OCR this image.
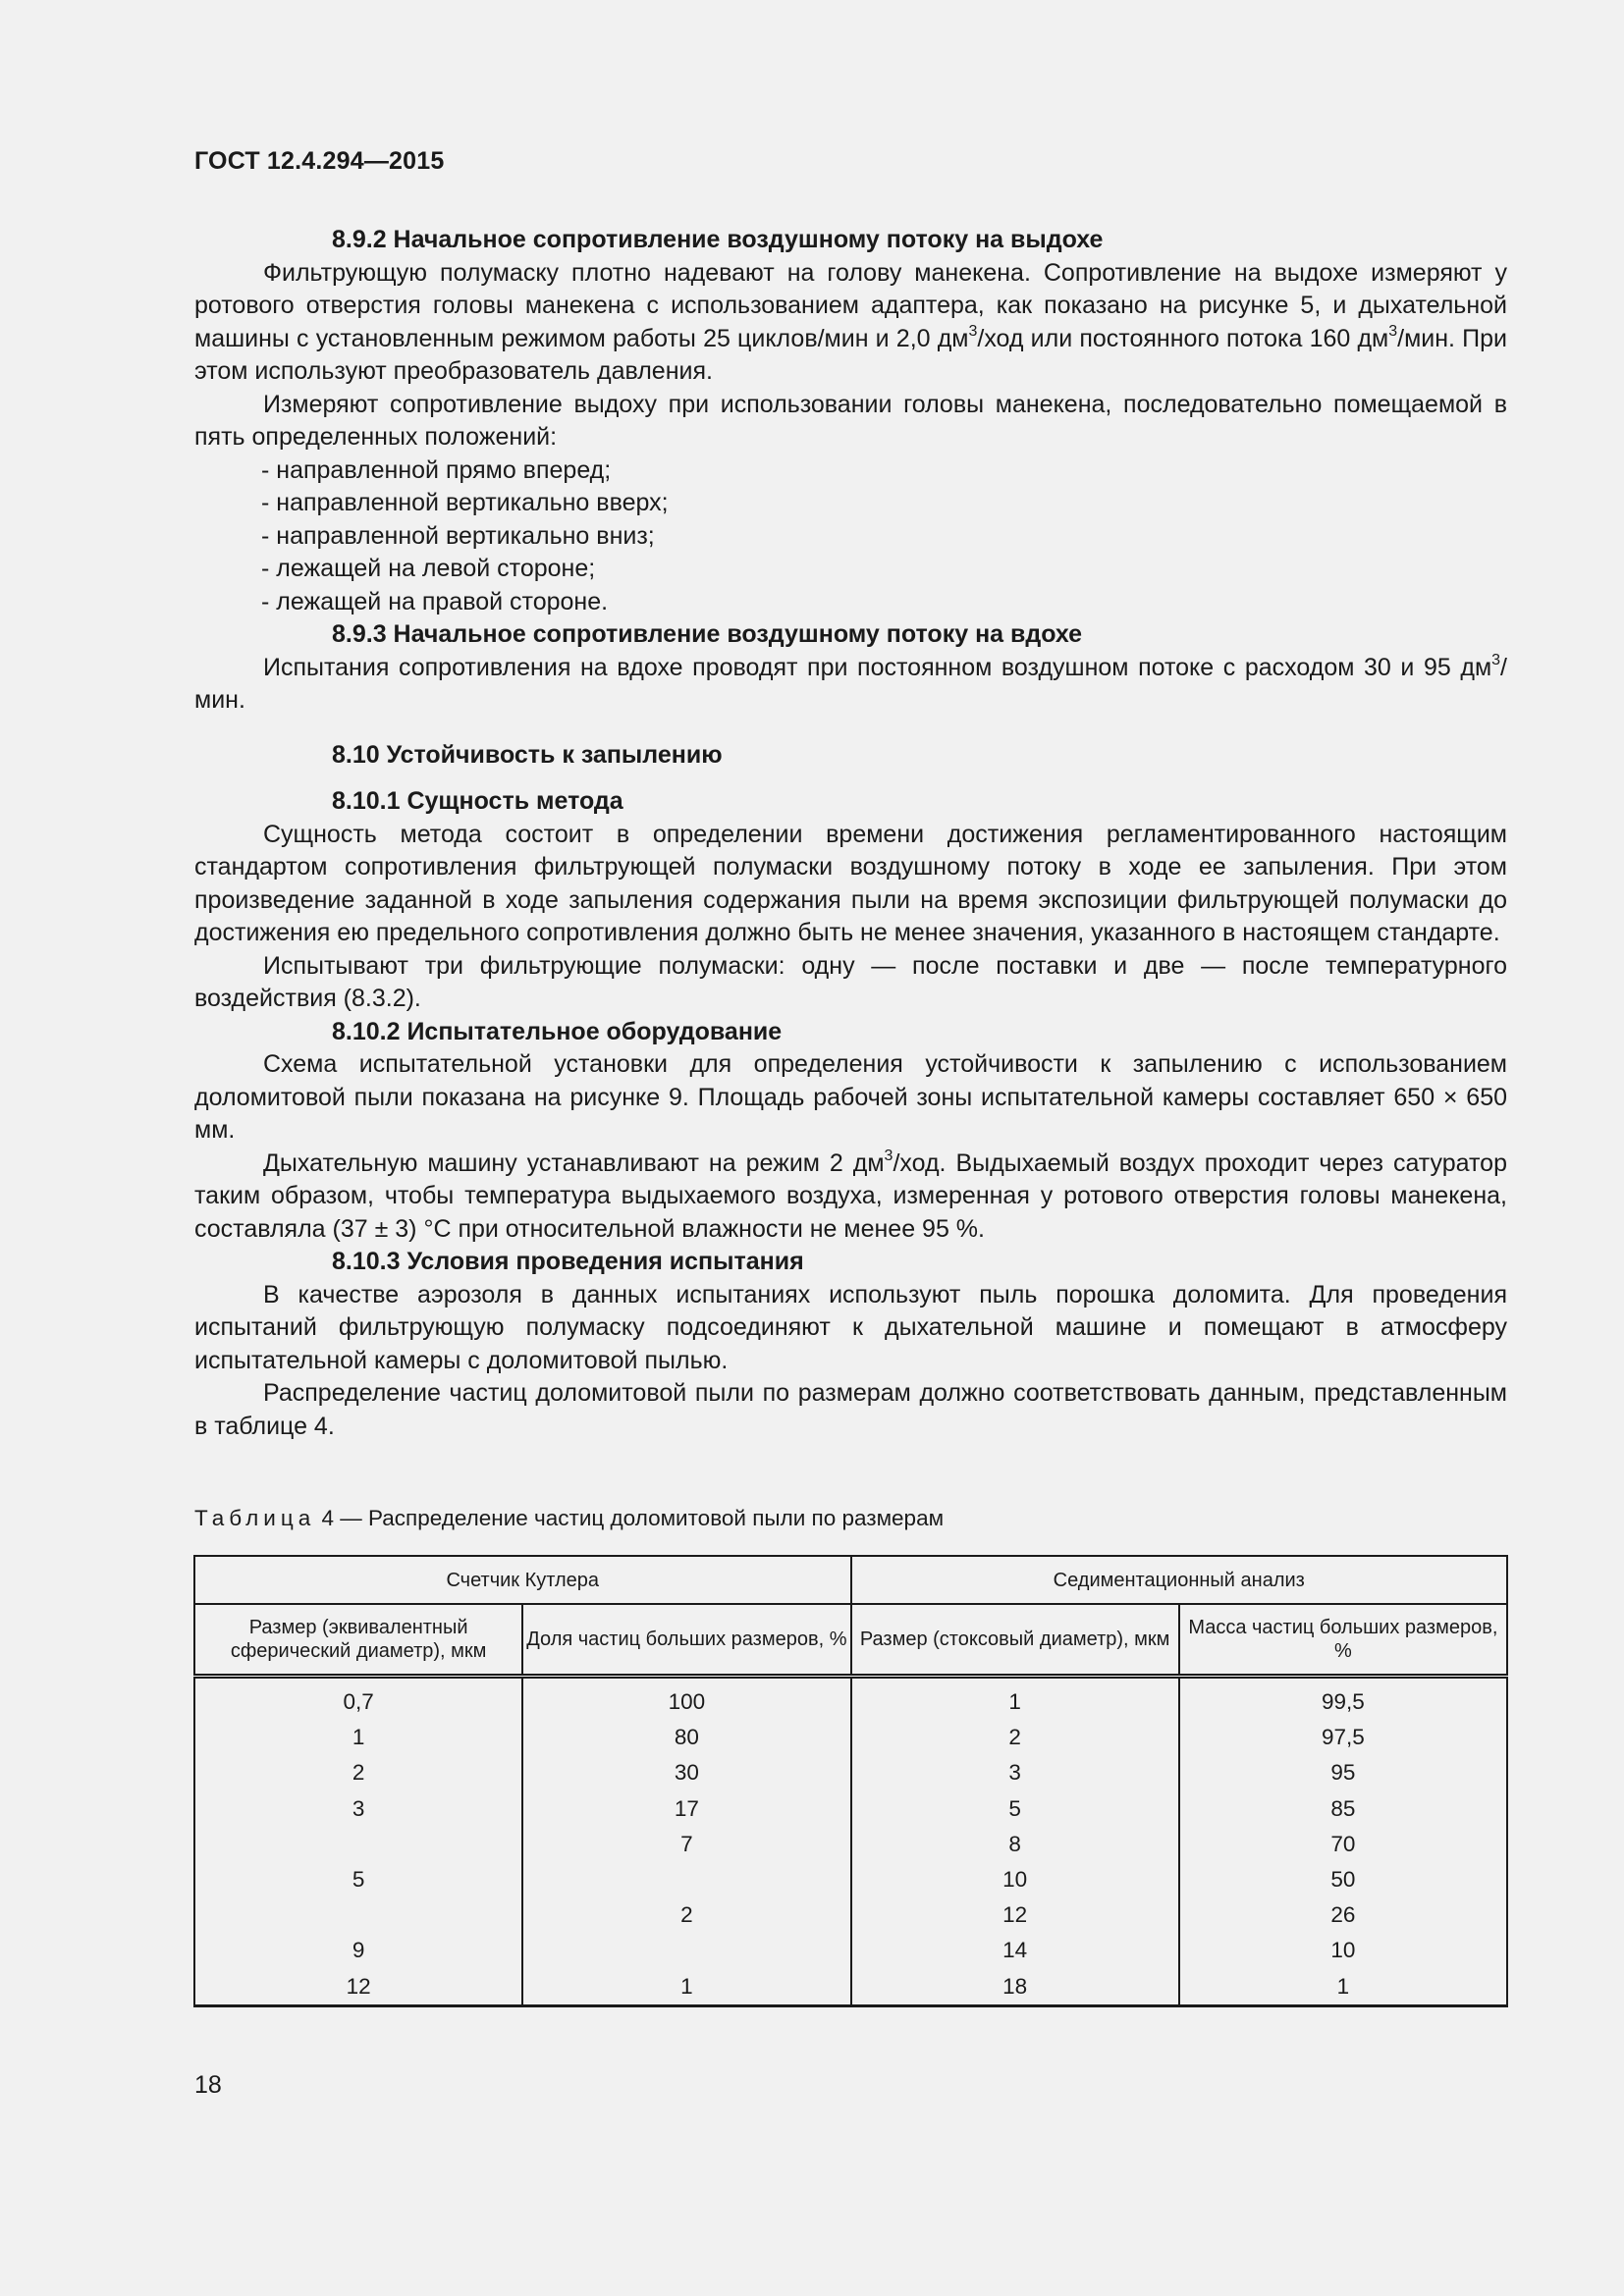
ГОСТ 12.4.294—2015

8.9.2 Начальное сопротивление воздушному потоку на выдохе

Фильтрующую полумаску плотно надевают на голову манекена. Сопротивление на выдохе измеряют у ротового отверстия головы манекена с использованием адаптера, как показано на рисунке 5, и дыхательной машины с установленным режимом работы 25 циклов/мин и 2,0 $дм^3$/ход или постоянного потока 160 $дм^3$/мин. При этом используют преобразователь давления.

Измеряют сопротивление выдоху при использовании головы манекена, последовательно помещаемой в пять определенных положений:

- направленной прямо вперед;
- направленной вертикально вверх;
- направленной вертикально вниз;
- лежащей на левой стороне;
- лежащей на правой стороне.

8.9.3 Начальное сопротивление воздушному потоку на вдохе

Испытания сопротивления на вдохе проводят при постоянном воздушном потоке с расходом 30 и 95 $дм^3$/мин.

8.10 Устойчивость к запылению

8.10.1 Сущность метода

Сущность метода состоит в определении времени достижения регламентированного настоящим стандартом сопротивления фильтрующей полумаски воздушному потоку в ходе ее запыления. При этом произведение заданной в ходе запыления содержания пыли на время экспозиции фильтрующей полумаски до достижения ею предельного сопротивления должно быть не менее значения, указанного в настоящем стандарте.

Испытывают три фильтрующие полумаски: одну — после поставки и две — после температурного воздействия (8.3.2).

8.10.2 Испытательное оборудование

Схема испытательной установки для определения устойчивости к запылению с использованием доломитовой пыли показана на рисунке 9. Площадь рабочей зоны испытательной камеры составляет 650 × 650 мм.

Дыхательную машину устанавливают на режим 2 $дм^3$/ход. Выдыхаемый воздух проходит через сатуратор таким образом, чтобы температура выдыхаемого воздуха, измеренная у ротового отверстия головы манекена, составляла (37 ± 3) °С при относительной влажности не менее 95 %.

8.10.3 Условия проведения испытания

В качестве аэрозоля в данных испытаниях используют пыль порошка доломита. Для проведения испытаний фильтрующую полумаску подсоединяют к дыхательной машине и помещают в атмосферу испытательной камеры с доломитовой пылью.

Распределение частиц доломитовой пыли по размерам должно соответствовать данным, представленным в таблице 4.

Таблица 4 — Распределение частиц доломитовой пыли по размерам
Счетчик Кутлера		Седиментационный анализ	
Размер (эквивалентный сферический диаметр), мкм	Доля частиц больших размеров, %	Размер (стоксовый диаметр), мкм	Масса частиц больших размеров, %
0,7	100	1	99,5
1	80	2	97,5
2	30	3	95
3	17	5	85
	7	8	70
5		10	50
	2	12	26
9		14	10
12	1	18	1
18
